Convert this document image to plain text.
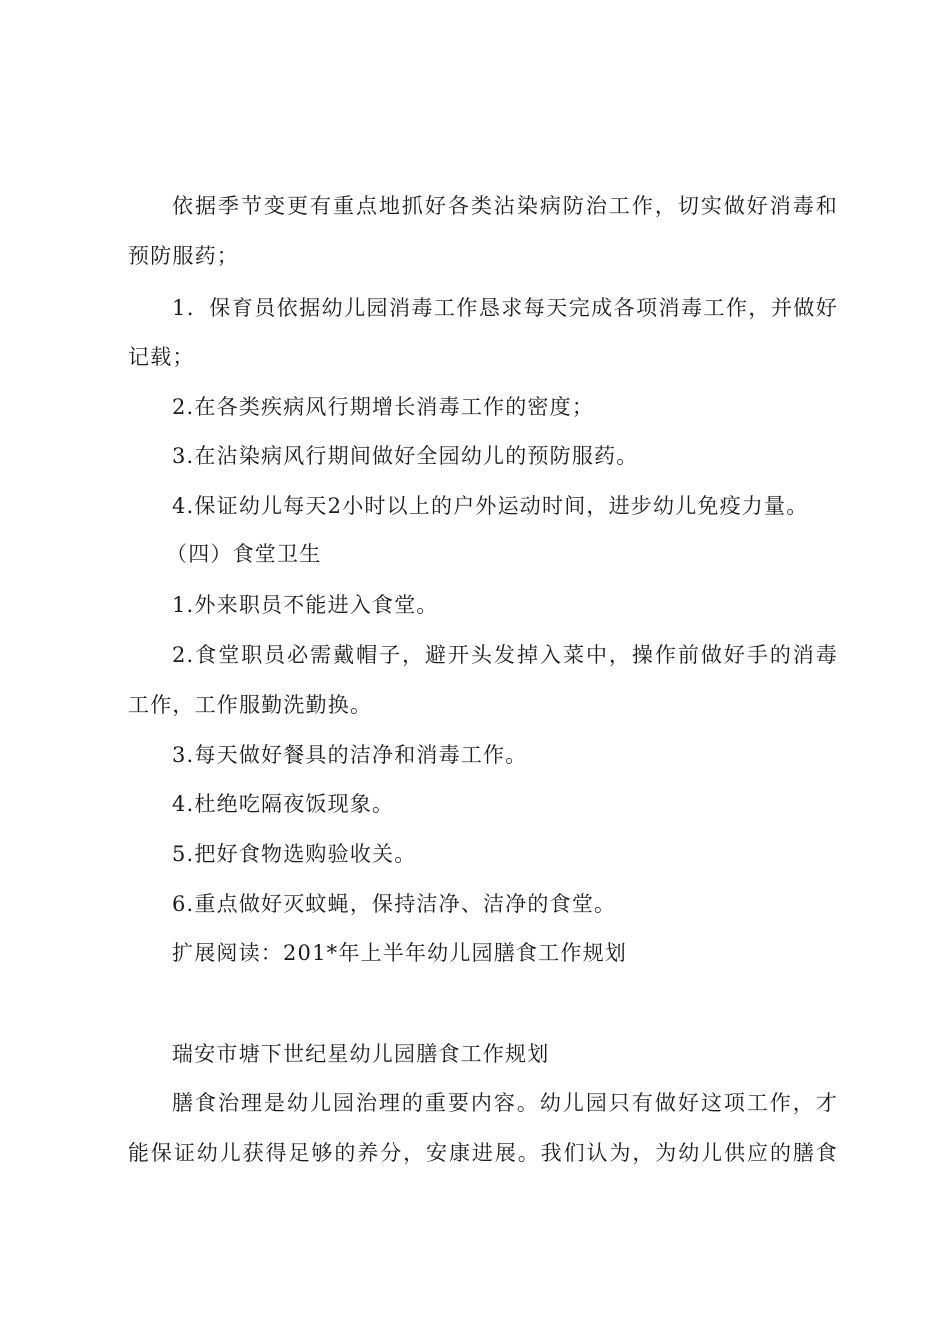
依据季节变更有重点地抓好各类沾染病防治工作，切实做好消毒和
预防服药；
1．保育员依据幼儿园消毒工作恳求每天完成各项消毒工作，并做好
记载；
2.在各类疾病风行期增长消毒工作的密度；
3.在沾染病风行期间做好全园幼儿的预防服药。
4.保证幼儿每天2小时以上的户外运动时间，进步幼儿免疫力量。
（四）食堂卫生
1.外来职员不能进入食堂。
2.食堂职员必需戴帽子，避开头发掉入菜中，操作前做好手的消毒
工作，工作服勤洗勤换。
3.每天做好餐具的洁净和消毒工作。
4.杜绝吃隔夜饭现象。
5.把好食物选购验收关。
6.重点做好灭蚊蝇，保持洁净、洁净的食堂。
扩展阅读：201*年上半年幼儿园膳食工作规划
瑞安市塘下世纪星幼儿园膳食工作规划
膳食治理是幼儿园治理的重要内容。幼儿园只有做好这项工作，才
能保证幼儿获得足够的养分，安康进展。我们认为，为幼儿供应的膳食
